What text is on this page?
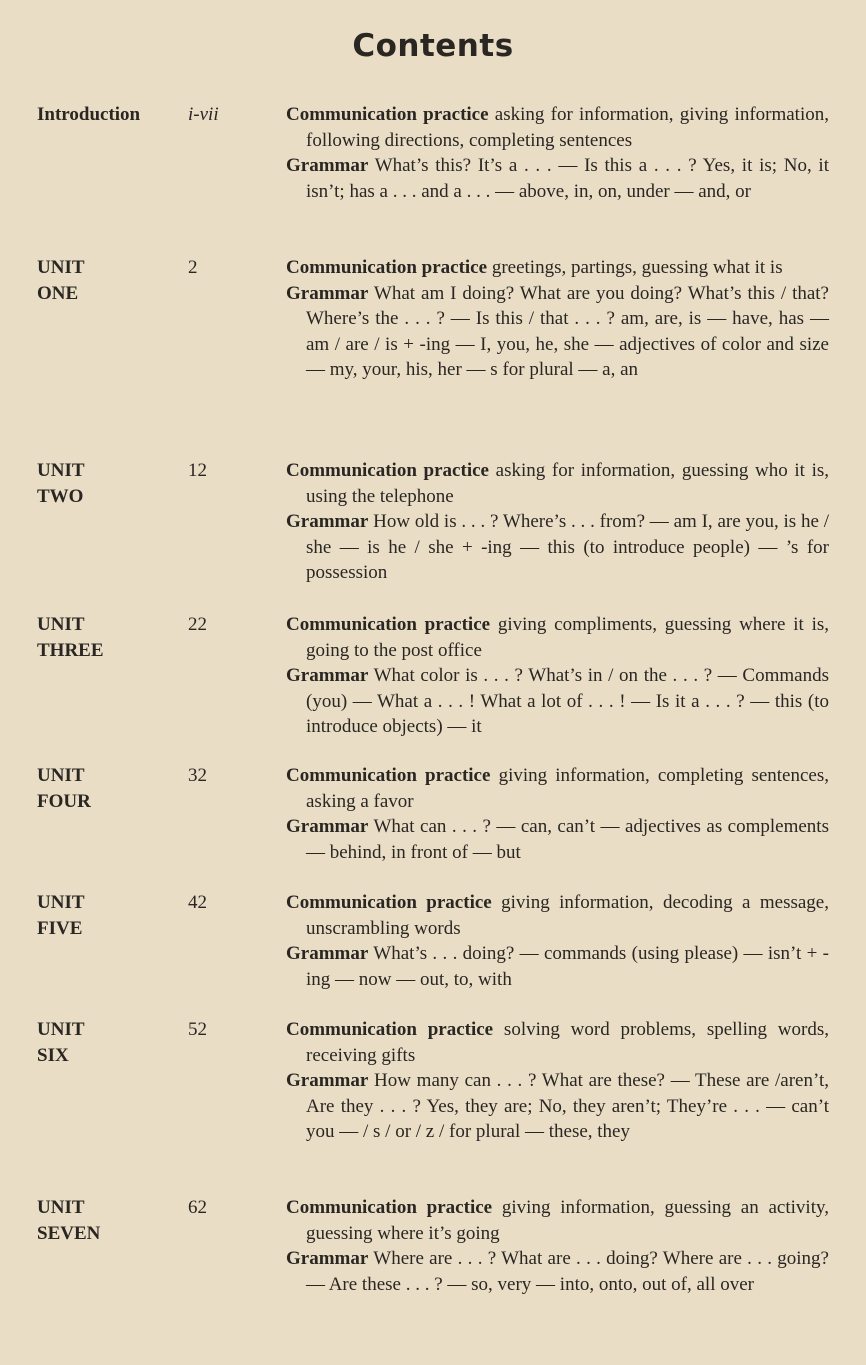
Contents
Introduction	i-vii	Communication practice asking for information, giving information, following directions, completing sentences

Grammar What’s this? It’s a . . . — Is this a . . . ? Yes, it is; No, it isn’t; has a . . . and a . . . — above, in, on, under — and, or

UNIT
ONE
2	Communication practice greetings, partings, guessing what it is

Grammar What am I doing? What are you doing? What’s this / that? Where’s the . . . ? — Is this / that . . . ? am, are, is — have, has — am / are / is + -ing — I, you, he, she — adjectives of color and size — my, your, his, her — s for plural — a, an

UNIT
TWO
12	Communication practice asking for information, guessing who it is, using the telephone

Grammar How old is . . . ? Where’s . . . from? — am I, are you, is he / she — is he / she + -ing — this (to introduce people) — ’s for possession

UNIT
THREE
22	Communication practice giving compliments, guessing where it is, going to the post office

Grammar What color is . . . ? What’s in / on the . . . ? — Commands (you) — What a . . . ! What a lot of . . . ! — Is it a . . . ? — this (to introduce objects) — it

UNIT
FOUR
32	Communication practice giving information, completing sentences, asking a favor

Grammar What can . . . ? — can, can’t — adjectives as complements — behind, in front of — but

UNIT
FIVE
42	Communication practice giving information, decoding a message, unscrambling words

Grammar What’s . . . doing? — commands (using please) — isn’t + -ing — now — out, to, with

UNIT
SIX
52	Communication practice solving word problems, spelling words, receiving gifts

Grammar How many can . . . ? What are these? — These are /aren’t, Are they . . . ? Yes, they are; No, they aren’t; They’re . . . — can’t you — / s / or / z / for plural — these, they

UNIT
SEVEN
62	Communication practice giving information, guessing an activity, guessing where it’s going

Grammar Where are . . . ? What are . . . doing? Where are . . . going? — Are these . . . ? — so, very — into, onto, out of, all over
